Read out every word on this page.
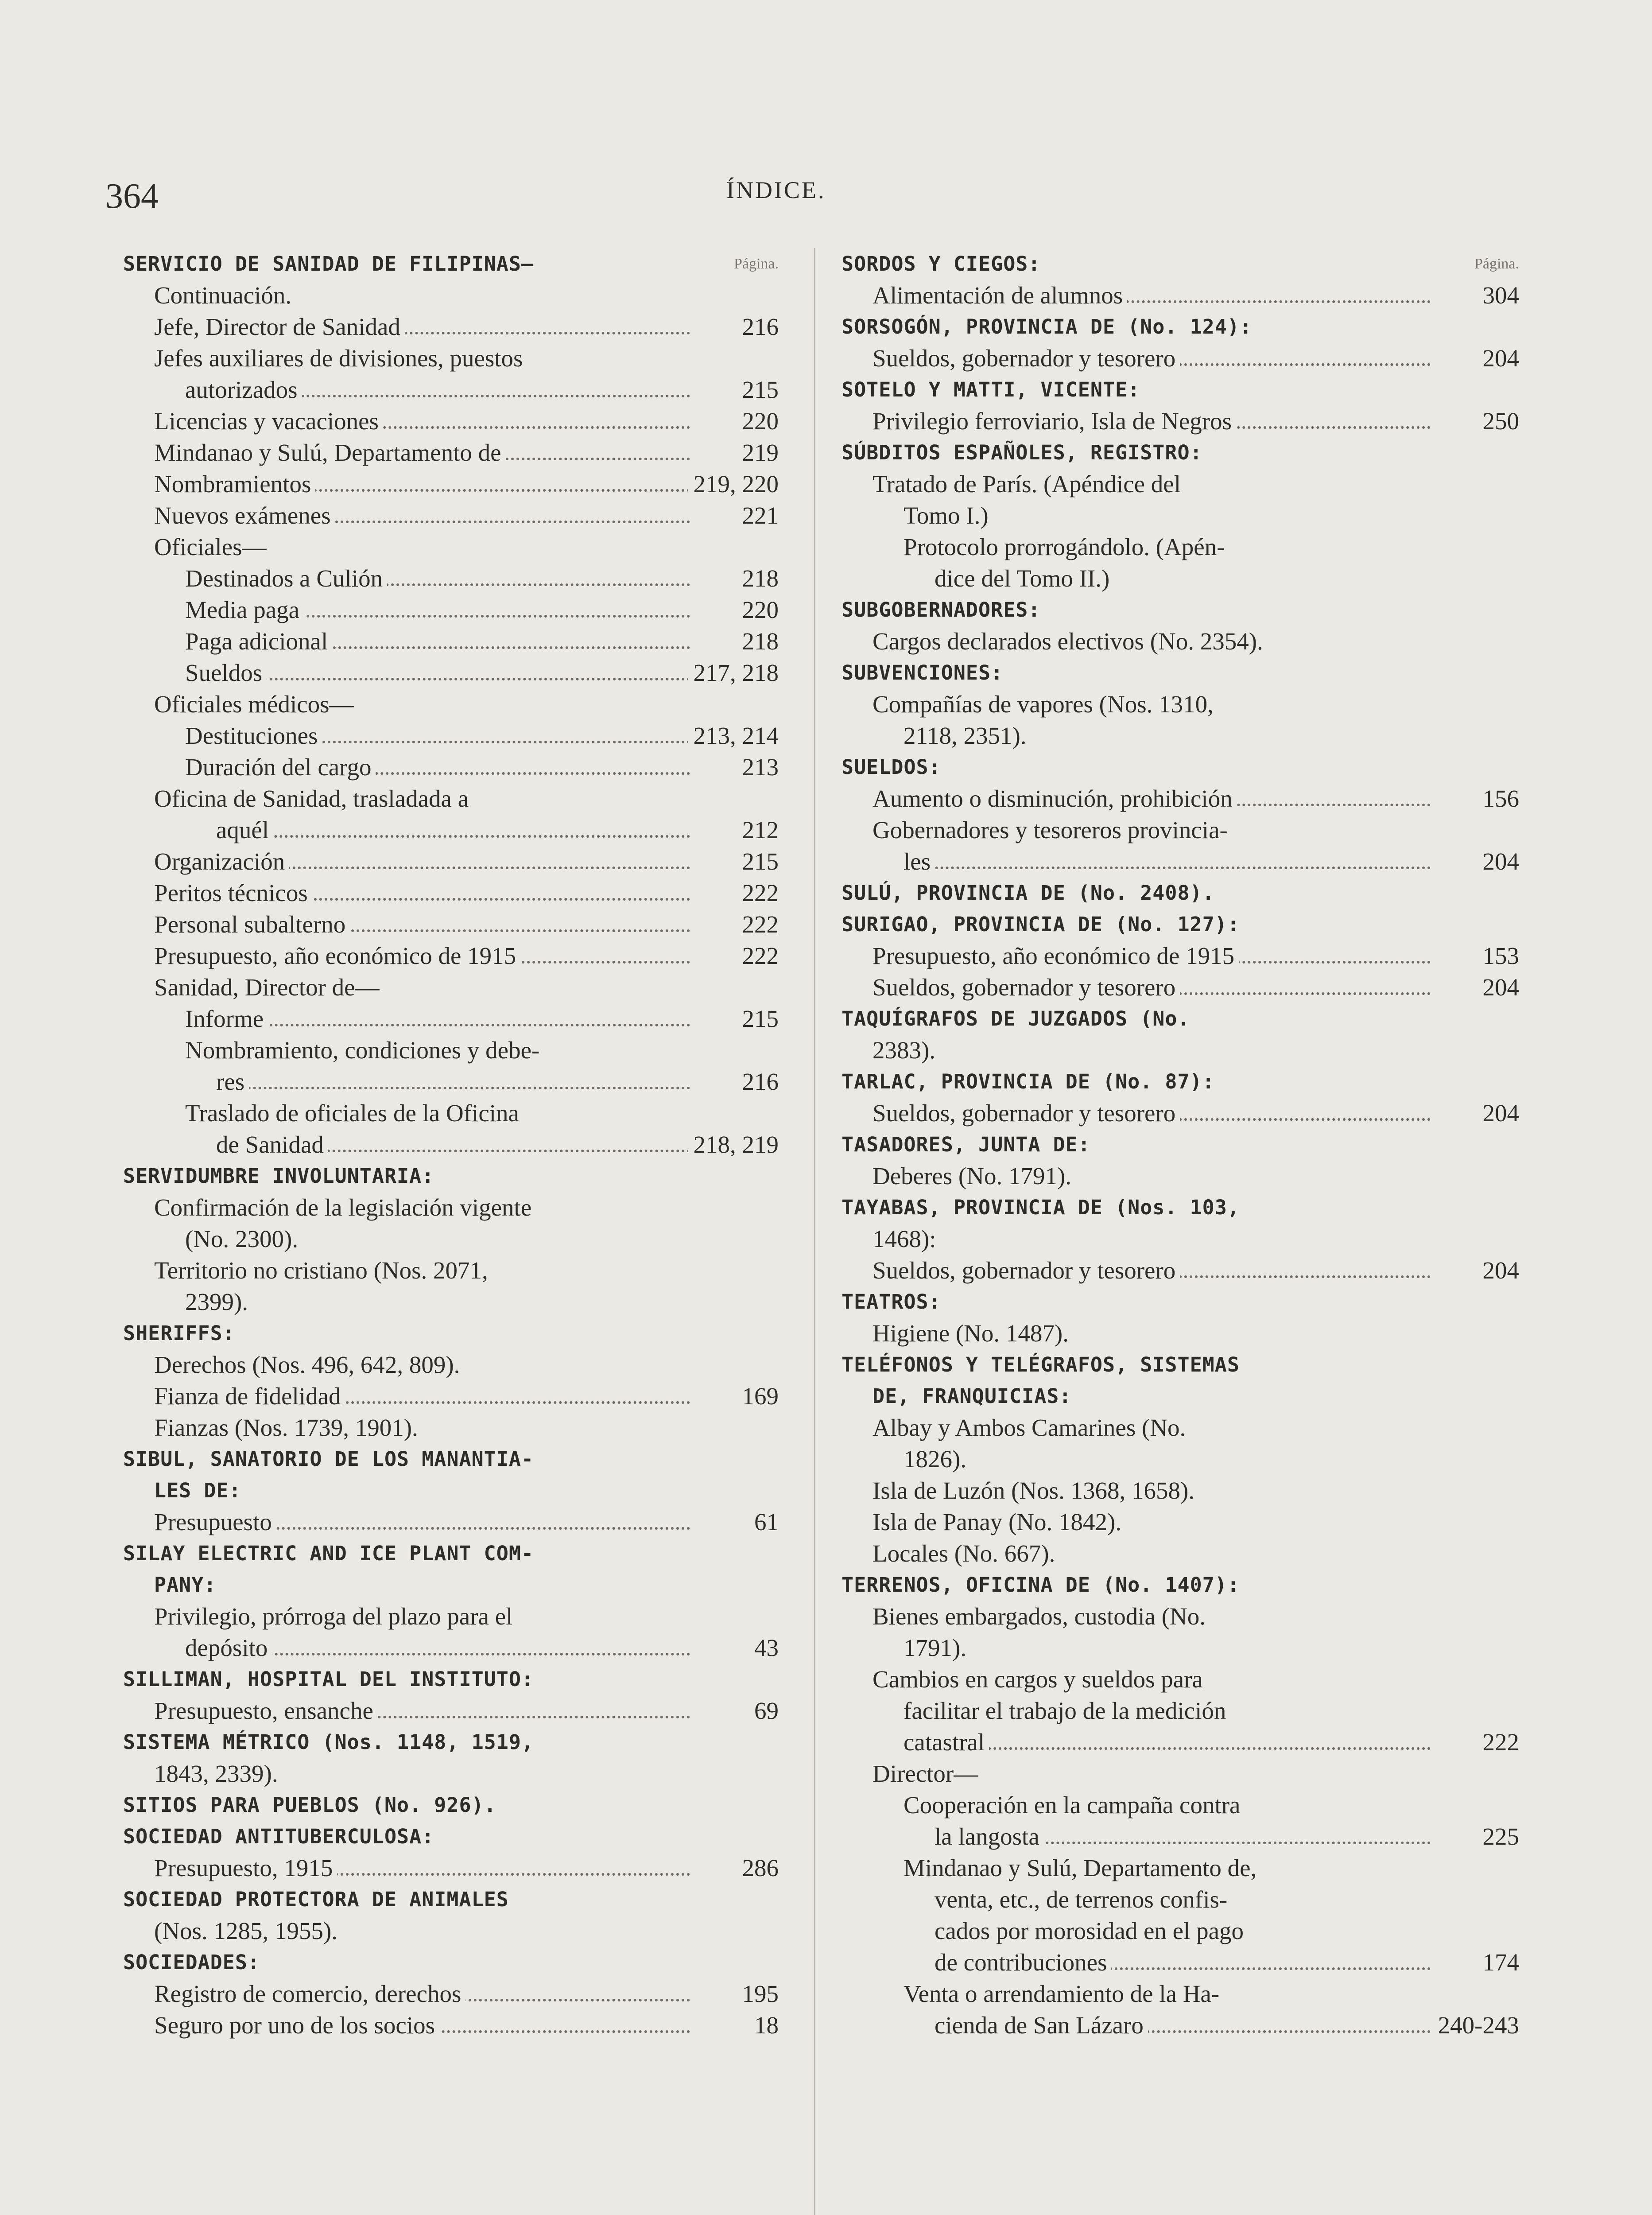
364	ÍNDICE.
Página.
SERVICIO DE SANIDAD DE FILIPINAS—
Continuación.
Jefe, Director de Sanidad	216
Jefes auxiliares de divisiones, puestos
autorizados	215
Licencias y vacaciones	220
Mindanao y Sulú, Departamento de	219
Nombramientos	219, 220
Nuevos exámenes	221
Oficiales—
Destinados a Culión	218
Media paga	220
Paga adicional	218
Sueldos	217, 218
Oficiales médicos—
Destituciones	213, 214
Duración del cargo	213
Oficina de Sanidad, trasladada a
aquél	212
Organización	215
Peritos técnicos	222
Personal subalterno	222
Presupuesto, año económico de 1915	222
Sanidad, Director de—
Informe	215
Nombramiento, condiciones y debe-
res	216
Traslado de oficiales de la Oficina
de Sanidad	218, 219
SERVIDUMBRE INVOLUNTARIA:
Confirmación de la legislación vigente
(No. 2300).
Territorio no cristiano (Nos. 2071,
2399).
SHERIFFS:
Derechos (Nos. 496, 642, 809).
Fianza de fidelidad	169
Fianzas (Nos. 1739, 1901).
SIBUL, SANATORIO DE LOS MANANTIA-
LES DE:
Presupuesto	61
SILAY ELECTRIC AND ICE PLANT COM-
PANY:
Privilegio, prórroga del plazo para el
depósito	43
SILLIMAN, HOSPITAL DEL INSTITUTO:
Presupuesto, ensanche	69
SISTEMA MÉTRICO (Nos. 1148, 1519,
1843, 2339).
SITIOS PARA PUEBLOS (No. 926).
SOCIEDAD ANTITUBERCULOSA:
Presupuesto, 1915	286
SOCIEDAD PROTECTORA DE ANIMALES
(Nos. 1285, 1955).
SOCIEDADES:
Registro de comercio, derechos	195
Seguro por uno de los socios	18
Página.
SORDOS Y CIEGOS:
Alimentación de alumnos	304
SORSOGÓN, PROVINCIA DE (No. 124):
Sueldos, gobernador y tesorero	204
SOTELO Y MATTI, VICENTE:
Privilegio ferroviario, Isla de Negros	250
SÚBDITOS ESPAÑOLES, REGISTRO:
Tratado de París. (Apéndice del
Tomo I.)
Protocolo prorrogándolo. (Apén-
dice del Tomo II.)
SUBGOBERNADORES:
Cargos declarados electivos (No. 2354).
SUBVENCIONES:
Compañías de vapores (Nos. 1310,
2118, 2351).
SUELDOS:
Aumento o disminución, prohibición	156
Gobernadores y tesoreros provincia-
les	204
SULÚ, PROVINCIA DE (No. 2408).
SURIGAO, PROVINCIA DE (No. 127):
Presupuesto, año económico de 1915	153
Sueldos, gobernador y tesorero	204
TAQUÍGRAFOS DE JUZGADOS (No.
2383).
TARLAC, PROVINCIA DE (No. 87):
Sueldos, gobernador y tesorero	204
TASADORES, JUNTA DE:
Deberes (No. 1791).
TAYABAS, PROVINCIA DE (Nos. 103,
1468):
Sueldos, gobernador y tesorero	204
TEATROS:
Higiene (No. 1487).
TELÉFONOS Y TELÉGRAFOS, SISTEMAS
DE, FRANQUICIAS:
Albay y Ambos Camarines (No.
1826).
Isla de Luzón (Nos. 1368, 1658).
Isla de Panay (No. 1842).
Locales (No. 667).
TERRENOS, OFICINA DE (No. 1407):
Bienes embargados, custodia (No.
1791).
Cambios en cargos y sueldos para
facilitar el trabajo de la medición
catastral	222
Director—
Cooperación en la campaña contra
la langosta	225
Mindanao y Sulú, Departamento de,
venta, etc., de terrenos confis-
cados por morosidad en el pago
de contribuciones	174
Venta o arrendamiento de la Ha-
cienda de San Lázaro	240-243
